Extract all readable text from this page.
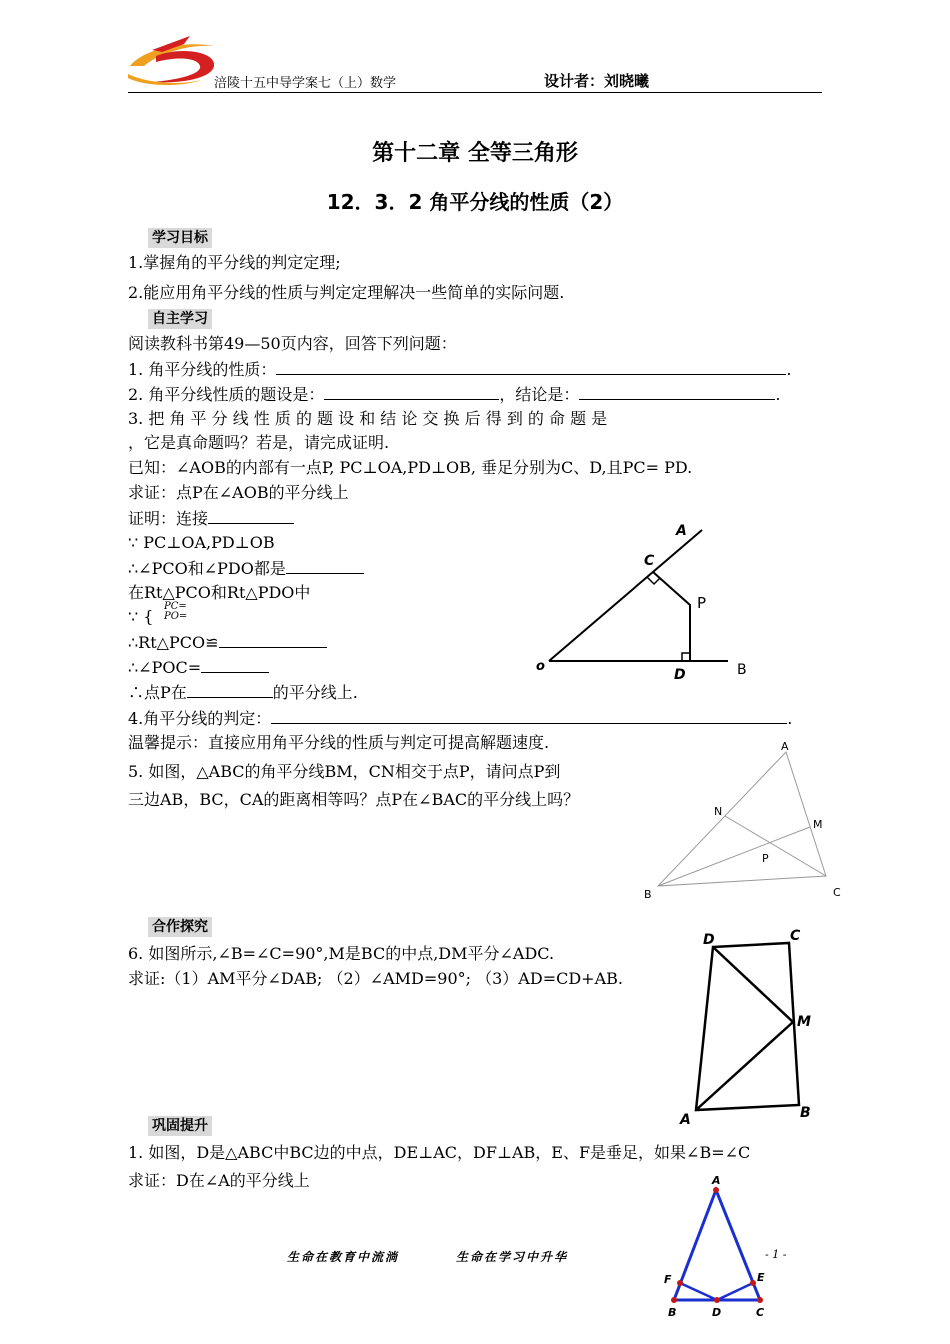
涪陵十五中导学案七（上）数学	设计者：刘晓曦
第十二章 全等三角形
12．3．2 角平分线的性质（2）
学习目标
1.掌握角的平分线的判定定理;
2.能应用角平分线的性质与判定定理解决一些简单的实际问题.
自主学习
阅读教科书第49—50页内容，回答下列问题：
1. 角平分线的性质：	.
2. 角平分线性质的题设是：	，结论是：	.
3. 把 角 平 分 线 性 质 的 题 设 和 结 论 交 换 后 得 到 的 命 题 是
，它是真命题吗？若是，请完成证明.
已知：∠AOB的内部有一点P, PC⊥OA,PD⊥OB, 垂足分别为C、D,且PC= PD.
求证：点P在∠AOB的平分线上
证明：连接
∵ PC⊥OA,PD⊥OB
∴∠PCO和∠PDO都是
在Rt△PCO和Rt△PDO中
∵ {
PC=
PO=
∴Rt△PCO≌
∴∠POC=
∴点P在	的平分线上.
4.角平分线的判定：	.
温馨提示：直接应用角平分线的性质与判定可提高解题速度.
5. 如图，△ABC的角平分线BM，CN相交于点P，请问点P到
三边AB，BC，CA的距离相等吗？点P在∠BAC的平分线上吗？
A
C
P
o
D	B
A
N
M
P
B	C
合作探究
6. 如图所示,∠B=∠C=90°,M是BC的中点,DM平分∠ADC.
求证:（1）AM平分∠DAB; （2）∠AMD=90°; （3）AD=CD+AB.
D	C
M
A	B
巩固提升
1. 如图，D是△ABC中BC边的中点，DE⊥AC，DF⊥AB，E、F是垂足，如果∠B=∠C
求证：D在∠A的平分线上	A
F	E
B	D	C
生命在教育中流淌	生命在学习中升华	- 1 -
